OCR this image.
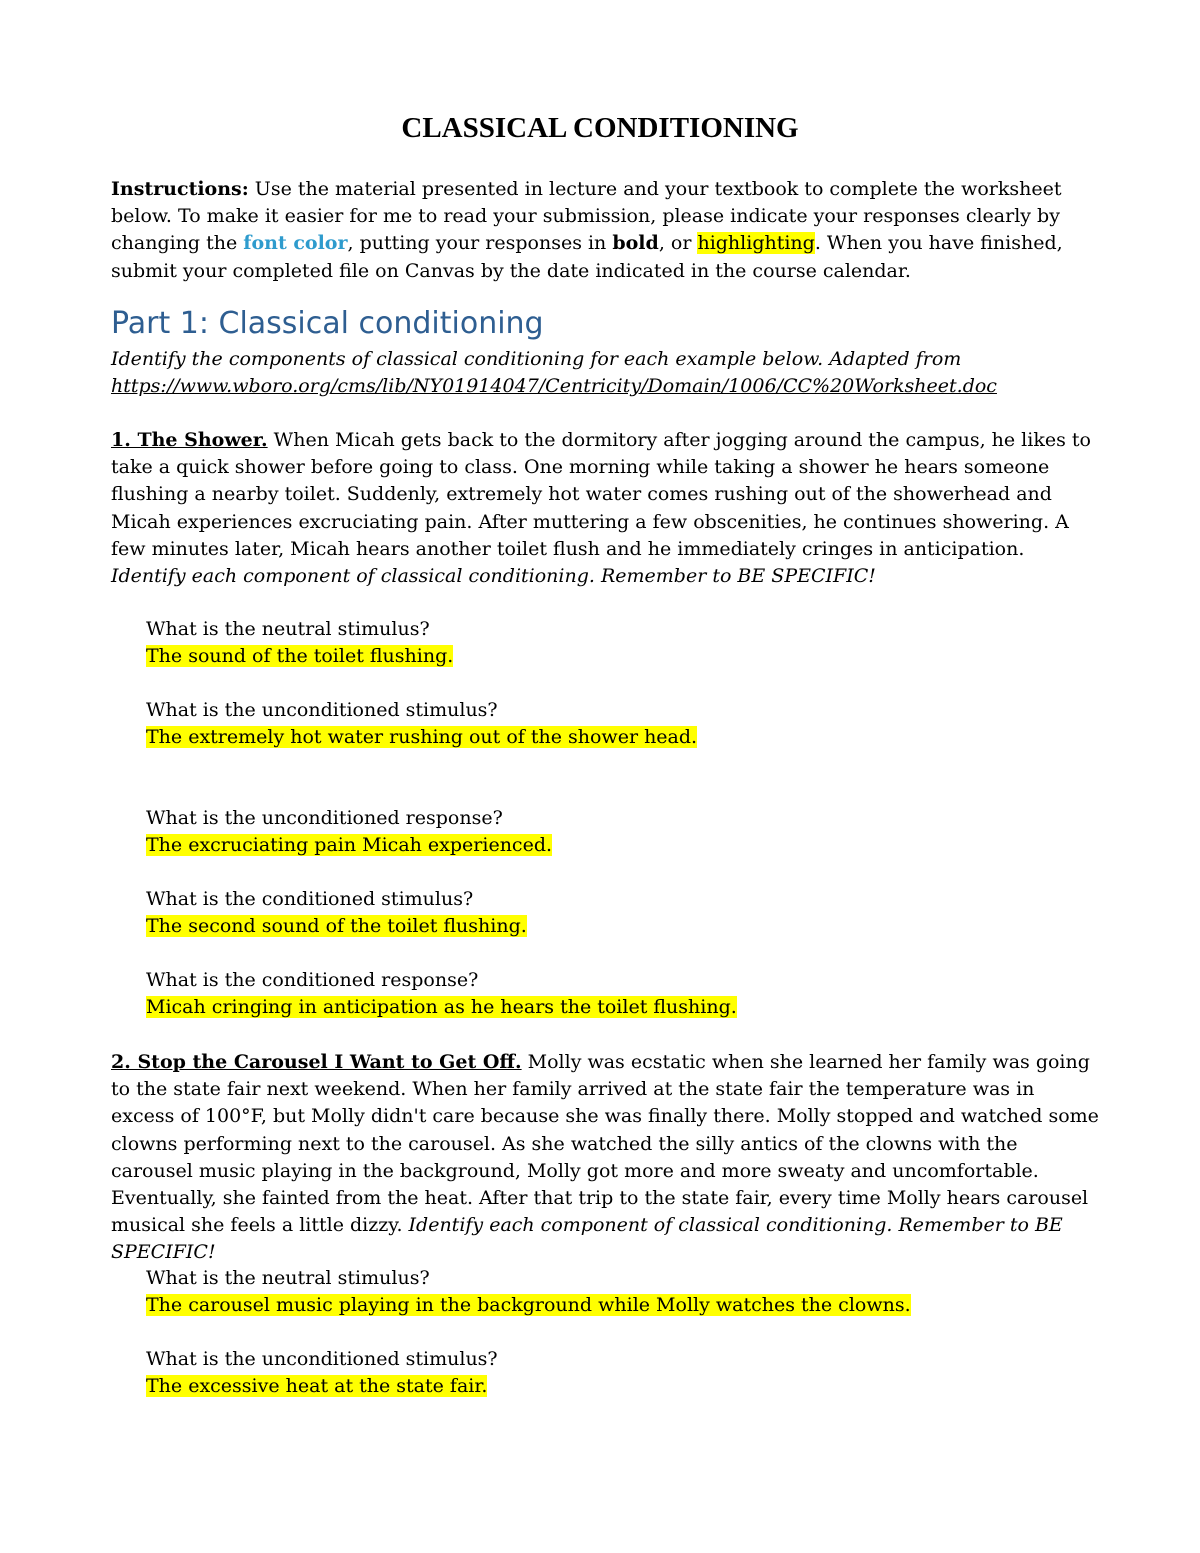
CLASSICAL CONDITIONING

Instructions: Use the material presented in lecture and your textbook to complete the worksheet below. To make it easier for me to read your submission, please indicate your responses clearly by changing the font color, putting your responses in bold, or highlighting. When you have finished, submit your completed file on Canvas by the date indicated in the course calendar.

Part 1: Classical conditioning

Identify the components of classical conditioning for each example below. Adapted from
https://www.wboro.org/cms/lib/NY01914047/Centricity/Domain/1006/CC%20Worksheet.doc

1. The Shower. When Micah gets back to the dormitory after jogging around the campus, he likes to take a quick shower before going to class. One morning while taking a shower he hears someone flushing a nearby toilet. Suddenly, extremely hot water comes rushing out of the showerhead and Micah experiences excruciating pain. After muttering a few obscenities, he continues showering. A few minutes later, Micah hears another toilet flush and he immediately cringes in anticipation. Identify each component of classical conditioning. Remember to BE SPECIFIC!

What is the neutral stimulus?
The sound of the toilet flushing.
What is the unconditioned stimulus?
The extremely hot water rushing out of the shower head.
What is the unconditioned response?
The excruciating pain Micah experienced.
What is the conditioned stimulus?
The second sound of the toilet flushing.
What is the conditioned response?
Micah cringing in anticipation as he hears the toilet flushing.

2. Stop the Carousel I Want to Get Off. Molly was ecstatic when she learned her family was going to the state fair next weekend. When her family arrived at the state fair the temperature was in excess of 100°F, but Molly didn't care because she was finally there. Molly stopped and watched some clowns performing next to the carousel. As she watched the silly antics of the clowns with the carousel music playing in the background, Molly got more and more sweaty and uncomfortable. Eventually, she fainted from the heat. After that trip to the state fair, every time Molly hears carousel musical she feels a little dizzy. Identify each component of classical conditioning. Remember to BE SPECIFIC!

What is the neutral stimulus?
The carousel music playing in the background while Molly watches the clowns.
What is the unconditioned stimulus?
The excessive heat at the state fair.
